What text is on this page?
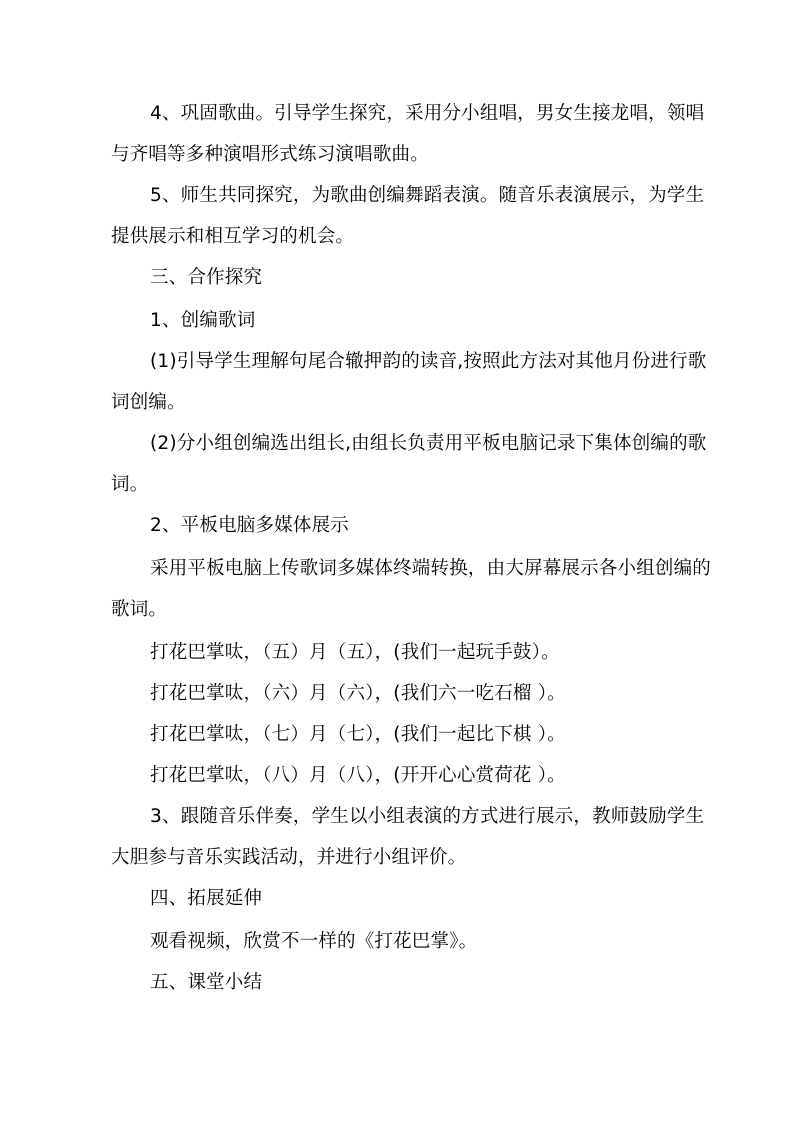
4、巩固歌曲。引导学生探究，采用分小组唱，男女生接龙唱，领唱
与齐唱等多种演唱形式练习演唱歌曲。
5、师生共同探究，为歌曲创编舞蹈表演。随音乐表演展示，为学生
提供展示和相互学习的机会。
三、合作探究
1、创编歌词
(1)引导学生理解句尾合辙押韵的读音,按照此方法对其他月份进行歌
词创编。
(2)分小组创编选出组长,由组长负责用平板电脑记录下集体创编的歌
词。
2、平板电脑多媒体展示
采用平板电脑上传歌词多媒体终端转换，由大屏幕展示各小组创编的
歌词。
打花巴掌呔，（五）月（五），(我们一起玩手鼓）。
打花巴掌呔，（六）月（六），(我们六一吃石榴 ）。
打花巴掌呔，（七）月（七），(我们一起比下棋 ）。
打花巴掌呔，（八）月（八），(开开心心赏荷花 ）。
3、跟随音乐伴奏，学生以小组表演的方式进行展示，教师鼓励学生
大胆参与音乐实践活动，并进行小组评价。
四、拓展延伸
观看视频，欣赏不一样的《打花巴掌》。
五、课堂小结
